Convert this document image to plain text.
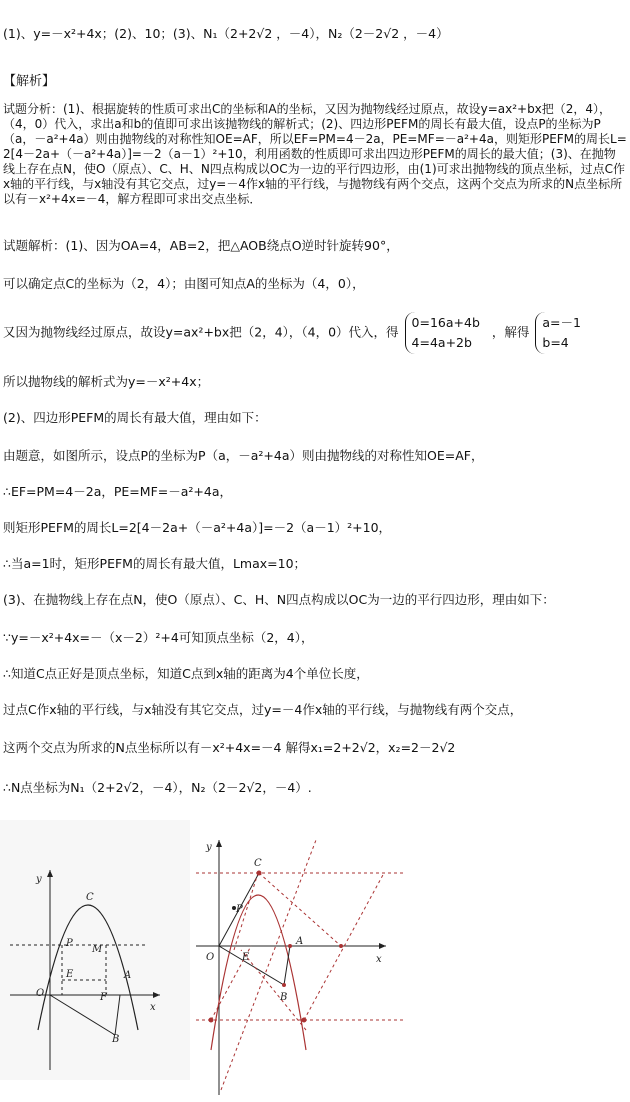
(1)、y=－x²+4x；(2)、10；(3)、N₁（2+2√2 ，－4），N₂（2－2√2 ，－4）
【解析】
试题分析：(1)、根据旋转的性质可求出C的坐标和A的坐标，又因为抛物线经过原点，故设y=ax²+bx把（2，4），（4，0）代入，求出a和b的值即可求出该抛物线的解析式；(2)、四边形PEFM的周长有最大值，设点P的坐标为P（a，－a²+4a）则由抛物线的对称性知OE=AF，所以EF=PM=4－2a，PE=MF=－a²+4a，则矩形PEFM的周长L=2[4－2a+（－a²+4a）]=－2（a－1）²+10，利用函数的性质即可求出四边形PEFM的周长的最大值；(3)、在抛物线上存在点N，使O（原点）、C、H、N四点构成以OC为一边的平行四边形，由(1)可求出抛物线的顶点坐标，过点C作x轴的平行线，与x轴没有其它交点，过y=－4作x轴的平行线，与抛物线有两个交点，这两个交点为所求的N点坐标所以有－x²+4x=－4，解方程即可求出交点坐标．
试题解析：(1)、因为OA=4，AB=2，把△AOB绕点O逆时针旋转90°，
可以确定点C的坐标为（2，4）；由图可知点A的坐标为（4，0），
又因为抛物线经过原点，故设y=ax²+bx把（2，4），（4，0）代入，得
0=16a+4b
4=4a+2b
，解得
a=－1
b=4
所以抛物线的解析式为y=－x²+4x；
(2)、四边形PEFM的周长有最大值，理由如下：
由题意，如图所示，设点P的坐标为P（a，－a²+4a）则由抛物线的对称性知OE=AF，
∴EF=PM=4－2a，PE=MF=－a²+4a，
则矩形PEFM的周长L=2[4－2a+（－a²+4a）]=－2（a－1）²+10，
∴当a=1时，矩形PEFM的周长有最大值，Lmax=10；
(3)、在抛物线上存在点N，使O（原点）、C、H、N四点构成以OC为一边的平行四边形，理由如下：
∵y=－x²+4x=－（x－2）²+4可知顶点坐标（2，4），
∴知道C点正好是顶点坐标，知道C点到x轴的距离为4个单位长度，
过点C作x轴的平行线，与x轴没有其它交点，过y=－4作x轴的平行线，与抛物线有两个交点，
这两个交点为所求的N点坐标所以有－x²+4x=－4 解得x₁=2+2√2，x₂=2－2√2
∴N点坐标为N₁（2+2√2，－4），N₂（2－2√2，－4）.
y
x
C
P
M
E
O	F
A
B
y
x
C
P
O	E
A
B
